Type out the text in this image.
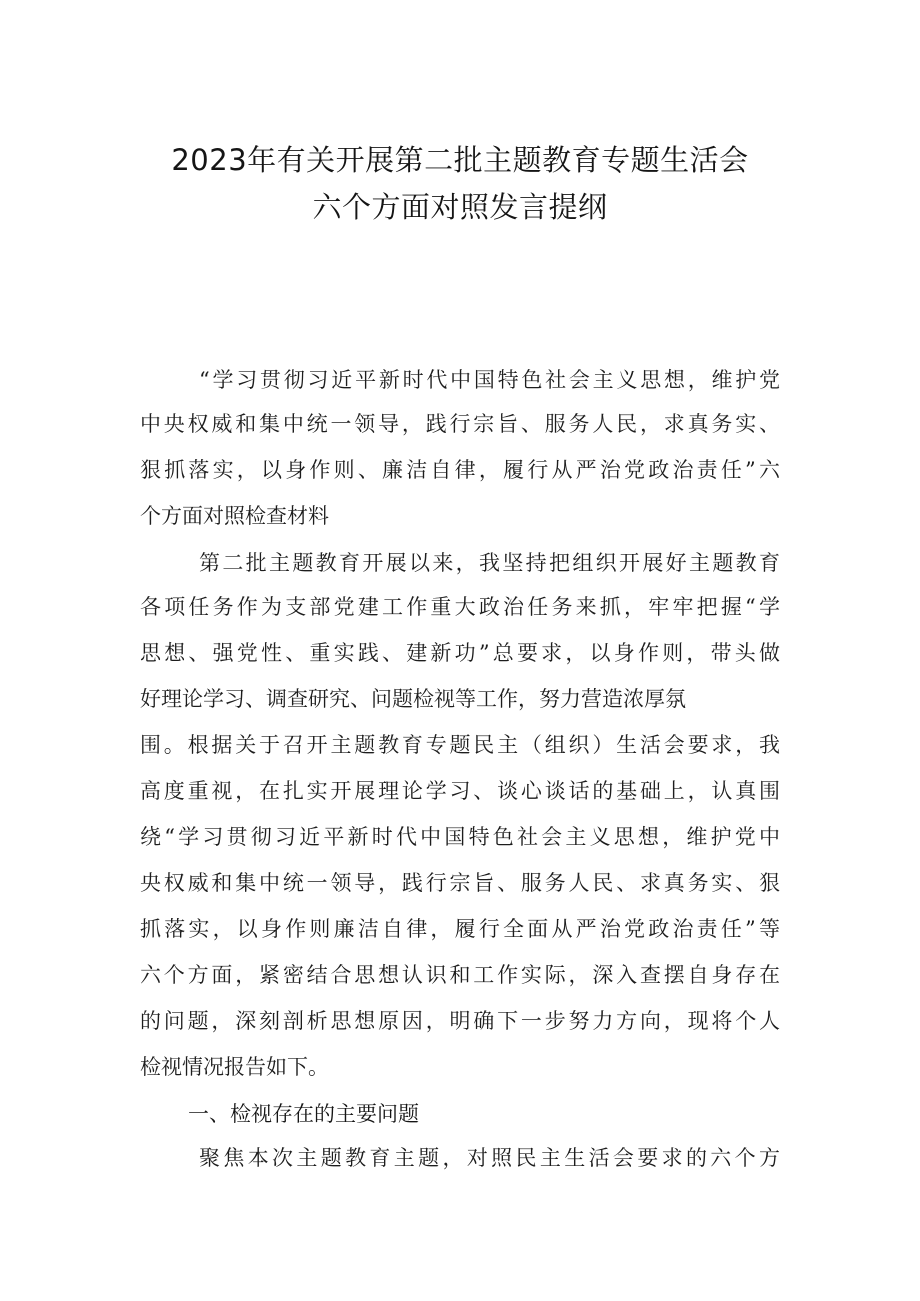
2023年有关开展第二批主题教育专题生活会
六个方面对照发言提纲
“学习贯彻习近平新时代中国特色社会主义思想，维护党
中央权威和集中统一领导，践行宗旨、服务人民，求真务实、
狠抓落实，以身作则、廉洁自律，履行从严治党政治责任”六
个方面对照检查材料
第二批主题教育开展以来，我坚持把组织开展好主题教育
各项任务作为支部党建工作重大政治任务来抓，牢牢把握“学
思想、强党性、重实践、建新功”总要求，以身作则，带头做
好理论学习、调查研究、问题检视等工作，努力营造浓厚氛
围。根据关于召开主题教育专题民主（组织）生活会要求，我
高度重视，在扎实开展理论学习、谈心谈话的基础上，认真围
绕“学习贯彻习近平新时代中国特色社会主义思想，维护党中
央权威和集中统一领导，践行宗旨、服务人民、求真务实、狠
抓落实，以身作则廉洁自律，履行全面从严治党政治责任”等
六个方面，紧密结合思想认识和工作实际，深入查摆自身存在
的问题，深刻剖析思想原因，明确下一步努力方向，现将个人
检视情况报告如下。
一、检视存在的主要问题
聚焦本次主题教育主题，对照民主生活会要求的六个方
